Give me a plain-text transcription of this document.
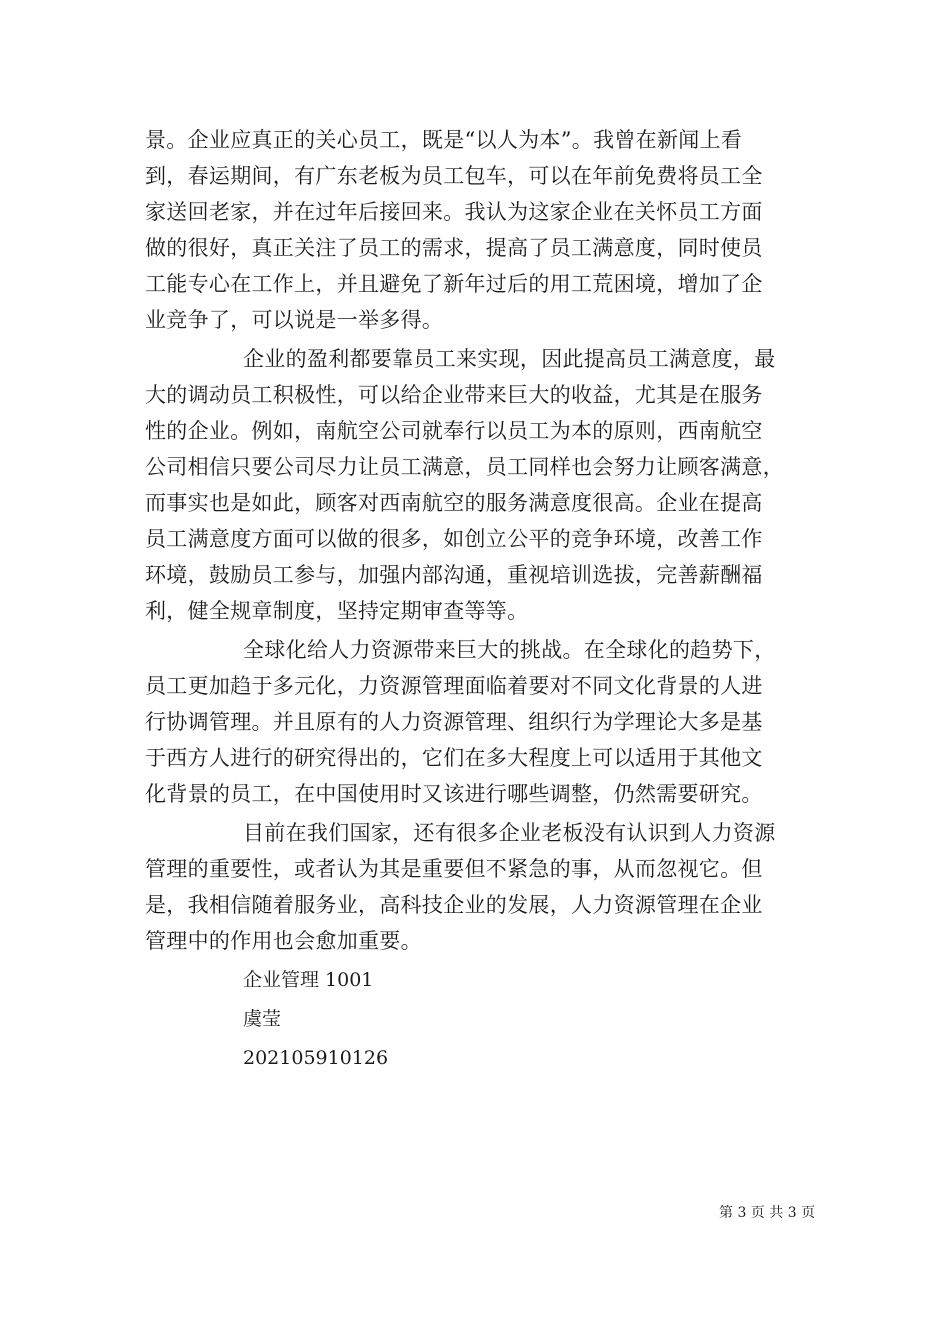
景。企业应真正的关心员工，既是“以人为本”。我曾在新闻上看
到，春运期间，有广东老板为员工包车，可以在年前免费将员工全
家送回老家，并在过年后接回来。我认为这家企业在关怀员工方面
做的很好，真正关注了员工的需求，提高了员工满意度，同时使员
工能专心在工作上，并且避免了新年过后的用工荒困境，增加了企
业竞争了，可以说是一举多得。
企业的盈利都要靠员工来实现，因此提高员工满意度，最
大的调动员工积极性，可以给企业带来巨大的收益，尤其是在服务
性的企业。例如，南航空公司就奉行以员工为本的原则，西南航空
公司相信只要公司尽力让员工满意，员工同样也会努力让顾客满意，
而事实也是如此，顾客对西南航空的服务满意度很高。企业在提高
员工满意度方面可以做的很多，如创立公平的竞争环境，改善工作
环境，鼓励员工参与，加强内部沟通，重视培训选拔，完善薪酬福
利，健全规章制度，坚持定期审查等等。
全球化给人力资源带来巨大的挑战。在全球化的趋势下，
员工更加趋于多元化，力资源管理面临着要对不同文化背景的人进
行协调管理。并且原有的人力资源管理、组织行为学理论大多是基
于西方人进行的研究得出的，它们在多大程度上可以适用于其他文
化背景的员工，在中国使用时又该进行哪些调整，仍然需要研究。
目前在我们国家，还有很多企业老板没有认识到人力资源
管理的重要性，或者认为其是重要但不紧急的事，从而忽视它。但
是，我相信随着服务业，高科技企业的发展，人力资源管理在企业
管理中的作用也会愈加重要。
企业管理 1001
虞莹
202105910126
第 3 页 共 3 页
